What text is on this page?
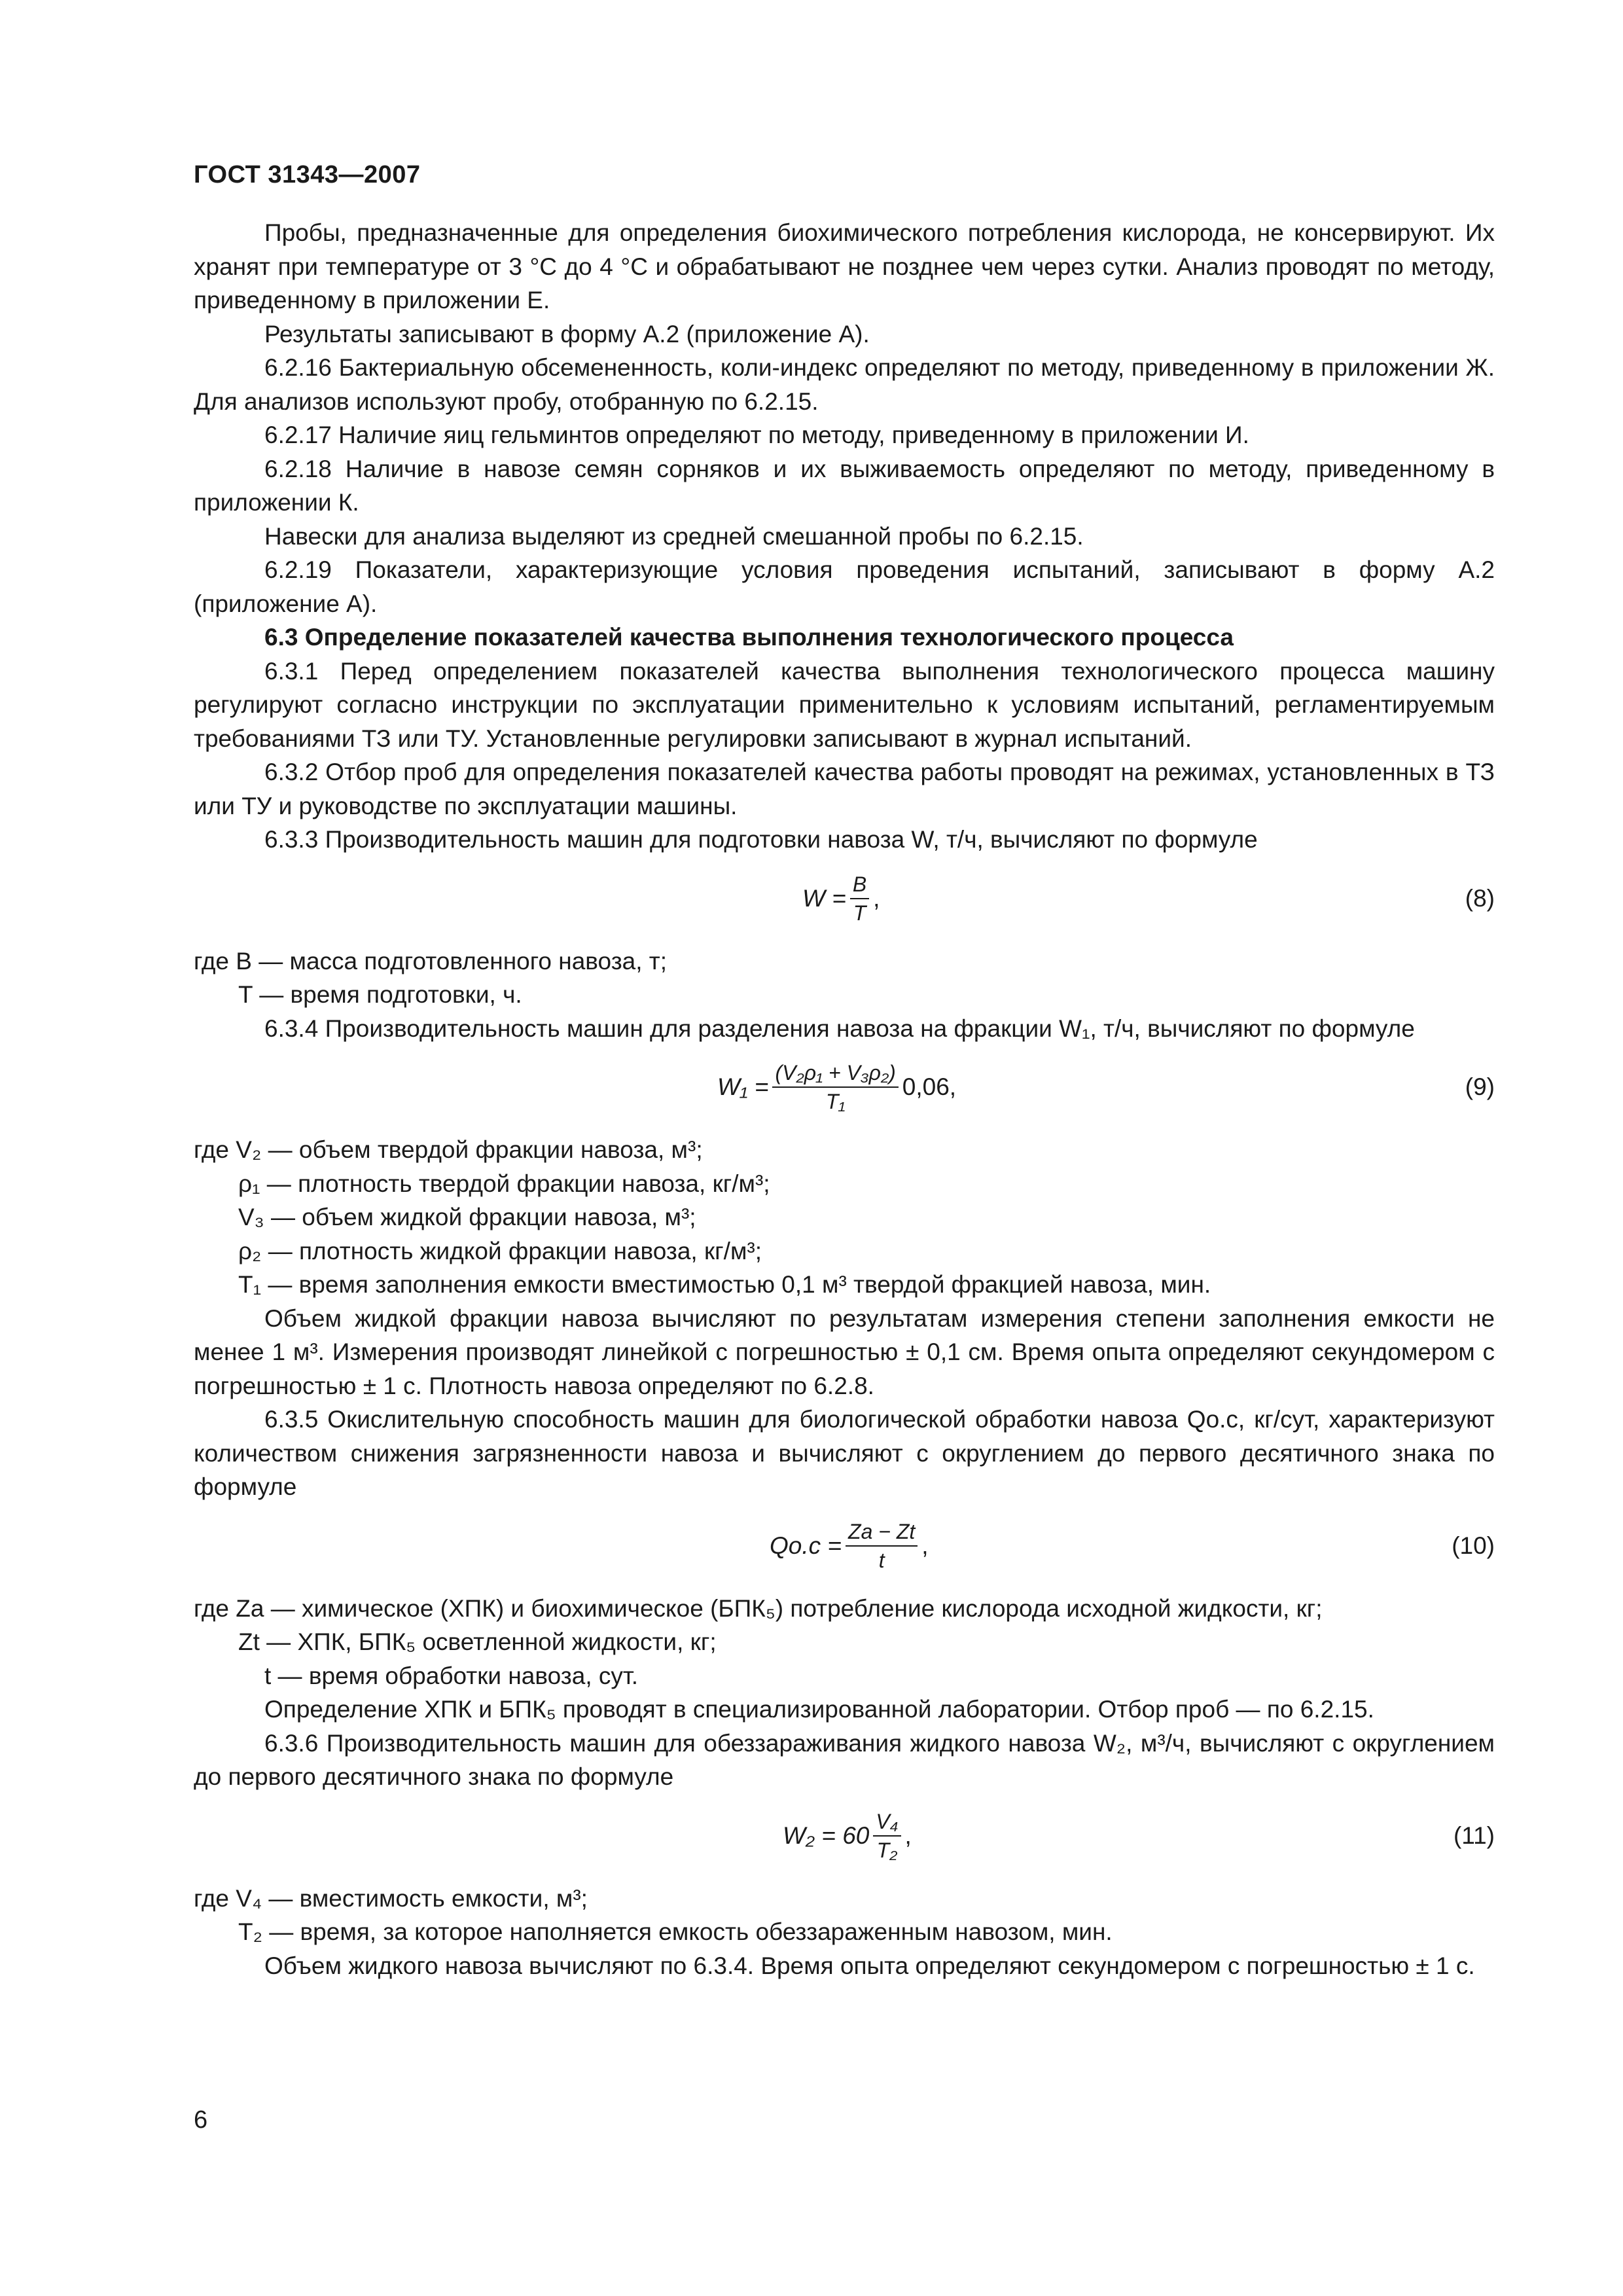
ГОСТ 31343—2007

Пробы, предназначенные для определения биохимического потребления кислорода, не консервируют. Их хранят при температуре от 3 °С до 4 °С и обрабатывают не позднее чем через сутки. Анализ проводят по методу, приведенному в приложении Е.

Результаты записывают в форму А.2 (приложение А).

6.2.16 Бактериальную обсемененность, коли-индекс определяют по методу, приведенному в приложении Ж. Для анализов используют пробу, отобранную по 6.2.15.

6.2.17 Наличие яиц гельминтов определяют по методу, приведенному в приложении И.

6.2.18 Наличие в навозе семян сорняков и их выживаемость определяют по методу, приведенному в приложении К.

Навески для анализа выделяют из средней смешанной пробы по 6.2.15.

6.2.19 Показатели, характеризующие условия проведения испытаний, записывают в форму А.2 (приложение А).

6.3 Определение показателей качества выполнения технологического процесса

6.3.1 Перед определением показателей качества выполнения технологического процесса машину регулируют согласно инструкции по эксплуатации применительно к условиям испытаний, регламентируемым требованиями ТЗ или ТУ. Установленные регулировки записывают в журнал испытаний.

6.3.2 Отбор проб для определения показателей качества работы проводят на режимах, установленных в ТЗ или ТУ и руководстве по эксплуатации машины.

6.3.3 Производительность машин для подготовки навоза W, т/ч, вычисляют по формуле

$W = \frac{B}{T}$ ,	(8)

где B — масса подготовленного навоза, т;

T — время подготовки, ч.

6.3.4 Производительность машин для разделения навоза на фракции W₁, т/ч, вычисляют по формуле

$W_1 = \frac{\text{(V₂ρ₁ + V₃ρ₂)}}{\text{T₁}} 0,06$,	(9)

где V₂ — объем твердой фракции навоза, м³;

ρ₁ — плотность твердой фракции навоза, кг/м³;

V₃ — объем жидкой фракции навоза, м³;

ρ₂ — плотность жидкой фракции навоза, кг/м³;

T₁ — время заполнения емкости вместимостью 0,1 м³ твердой фракцией навоза, мин.

Объем жидкой фракции навоза вычисляют по результатам измерения степени заполнения емкости не менее 1 м³. Измерения производят линейкой с погрешностью ± 0,1 см. Время опыта определяют секундомером с погрешностью ± 1 с. Плотность навоза определяют по 6.2.8.

6.3.5 Окислительную способность машин для биологической обработки навоза Qо.с, кг/сут, характеризуют количеством снижения загрязненности навоза и вычисляют с округлением до первого десятичного знака по формуле

$Qо.с = \frac{Zа - Zt}{t}$ ,	(10)

где Zа — химическое (ХПК) и биохимическое (БПК₅) потребление кислорода исходной жидкости, кг;

Zt — ХПК, БПК₅ осветленной жидкости, кг;

t — время обработки навоза, сут.

Определение ХПК и БПК₅ проводят в специализированной лаборатории. Отбор проб — по 6.2.15.

6.3.6 Производительность машин для обеззараживания жидкого навоза W₂, м³/ч, вычисляют с округлением до первого десятичного знака по формуле

$W_2 = 60 \frac{\text{V₄}}{\text{T₂}}$ ,	(11)

где V₄ — вместимость емкости, м³;

T₂ — время, за которое наполняется емкость обеззараженным навозом, мин.

Объем жидкого навоза вычисляют по 6.3.4. Время опыта определяют секундомером с погрешностью ± 1 с.

6
